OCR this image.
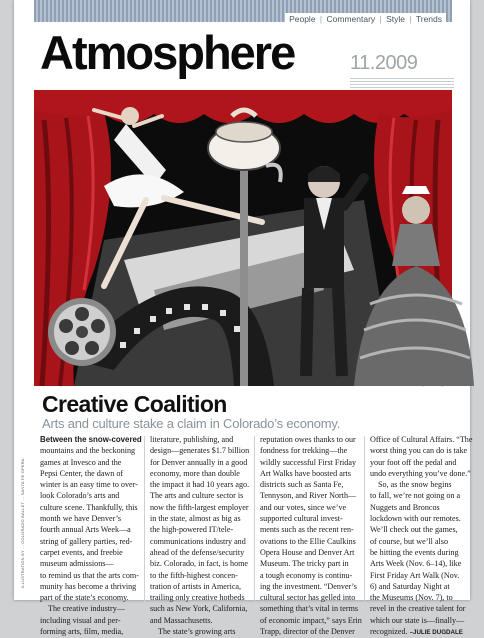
People | Commentary | Style | Trends
Atmosphere	11.2009
ILLUSTRATION BY ... COLORADO BALLET ... SANTA FE OPERA
Creative Coalition
Arts and culture stake a claim in Colorado’s economy.
Between the snow-covered
mountains and the beckoning
games at Invesco and the
Pepsi Center, the dawn of
winter is an easy time to over-
look Colorado’s arts and
culture scene. Thankfully, this
month we have Denver’s
fourth annual Arts Week—a
string of gallery parties, red-
carpet events, and freebie
museum admissions—
to remind us that the arts com-
munity has become a thriving
part of the state’s economy.
The creative industry—
including visual and per-
forming arts, film, media,
literature, publishing, and
design—generates $1.7 billion
for Denver annually in a good
economy, more than double
the impact it had 10 years ago.
The arts and culture sector is
now the fifth-largest employer
in the state, almost as big as
the high-powered IT/tele-
communications industry and
ahead of the defense/security
biz. Colorado, in fact, is home
to the fifth-highest concen-
tration of artists in America,
trailing only creative hotbeds
such as New York, California,
and Massachusetts.
The state’s growing arts
reputation owes thanks to our
fondness for trekking—the
wildly successful First Friday
Art Walks have boosted arts
districts such as Santa Fe,
Tennyson, and River North—
and our votes, since we’ve
supported cultural invest-
ments such as the recent ren-
ovations to the Ellie Caulkins
Opera House and Denver Art
Museum. The tricky part in
a tough economy is continu-
ing the investment. “Denver’s
cultural sector has gelled into
something that’s vital in terms
of economic impact,” says Erin
Trapp, director of the Denver
Office of Cultural Affairs. “The
worst thing you can do is take
your foot off the pedal and
undo everything you’ve done.”
So, as the snow begins
to fall, we’re not going on a
Nuggets and Broncos
lockdown with our remotes.
We’ll check out the games,
of course, but we’ll also
be hitting the events during
Arts Week (Nov. 6–14), like
First Friday Art Walk (Nov.
6) and Saturday Night at
the Museums (Nov. 7), to
revel in the creative talent for
which our state is—finally—
recognized. –JULIE DUGDALE
